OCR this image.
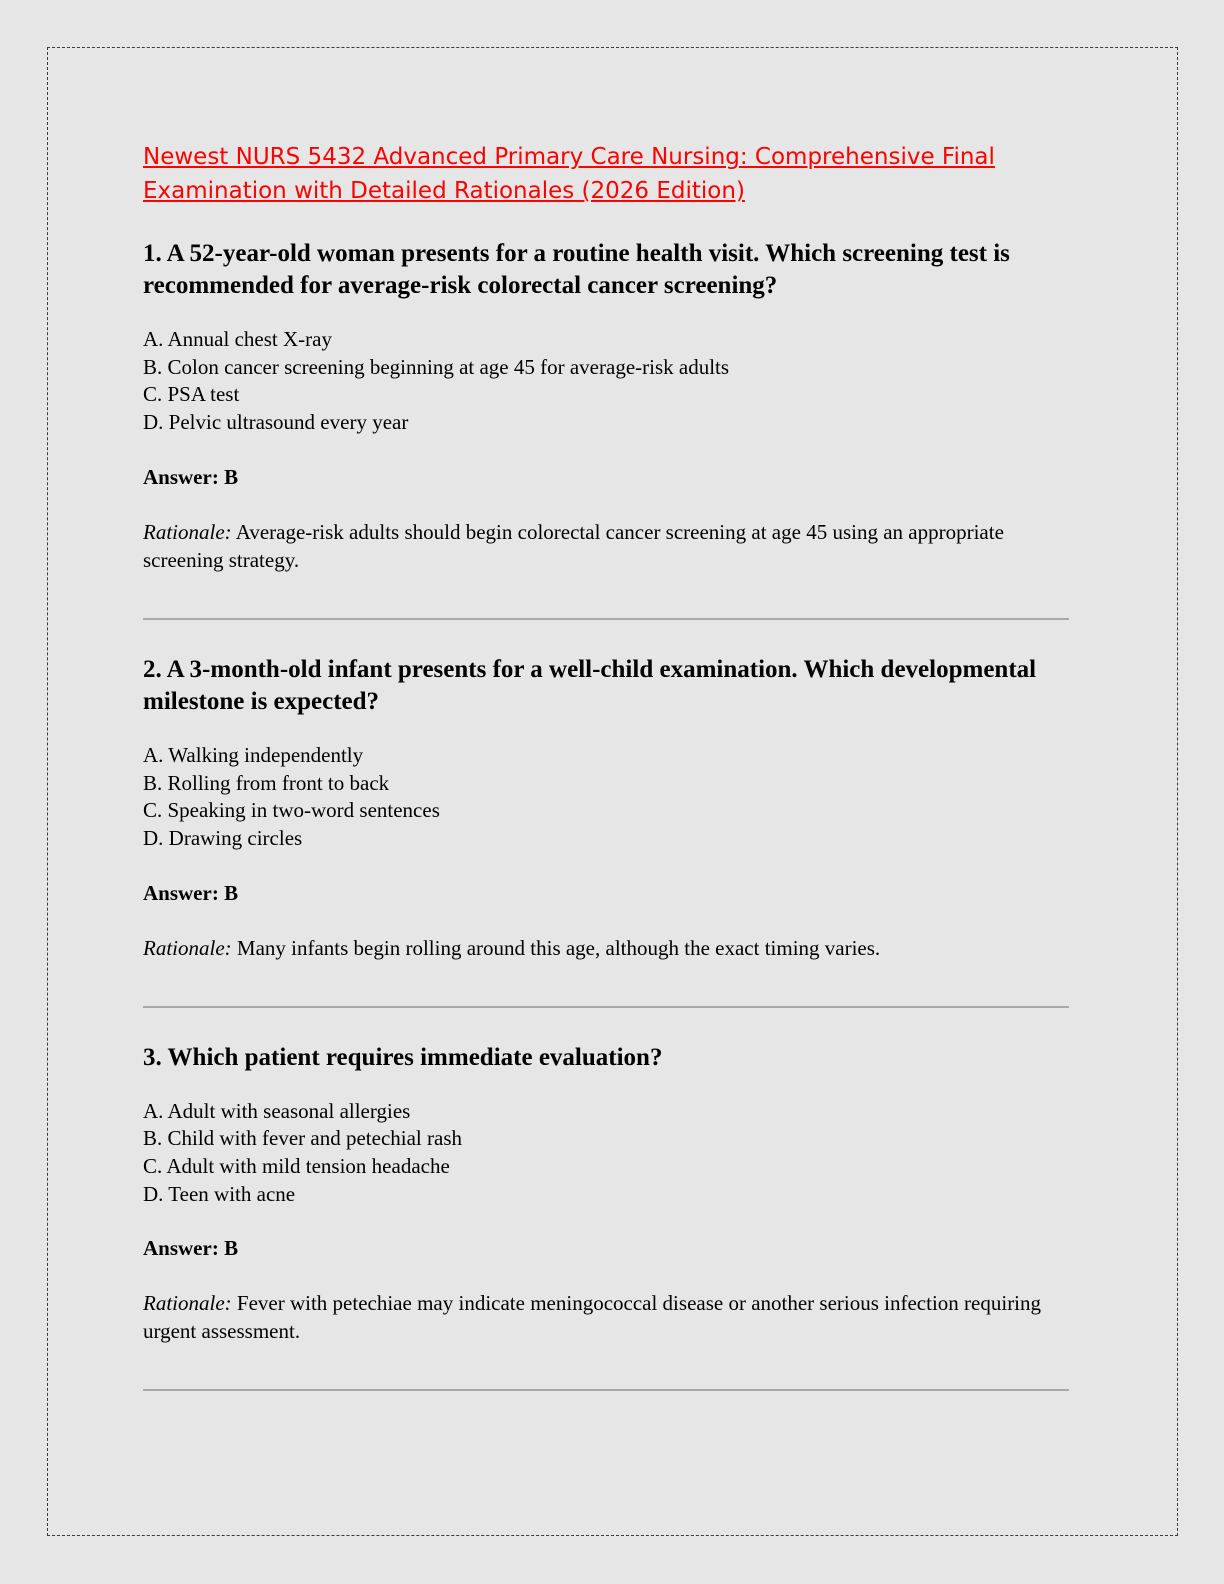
Newest NURS 5432 Advanced Primary Care Nursing: Comprehensive Final Examination with Detailed Rationales (2026 Edition)

1. A 52-year-old woman presents for a routine health visit. Which screening test is recommended for average-risk colorectal cancer screening?

A. Annual chest X-ray
B. Colon cancer screening beginning at age 45 for average-risk adults
C. PSA test
D. Pelvic ultrasound every year

Answer: B

Rationale: Average-risk adults should begin colorectal cancer screening at age 45 using an appropriate screening strategy.

2. A 3-month-old infant presents for a well-child examination. Which developmental milestone is expected?

A. Walking independently
B. Rolling from front to back
C. Speaking in two-word sentences
D. Drawing circles

Answer: B

Rationale: Many infants begin rolling around this age, although the exact timing varies.

3. Which patient requires immediate evaluation?

A. Adult with seasonal allergies
B. Child with fever and petechial rash
C. Adult with mild tension headache
D. Teen with acne

Answer: B

Rationale: Fever with petechiae may indicate meningococcal disease or another serious infection requiring urgent assessment.
